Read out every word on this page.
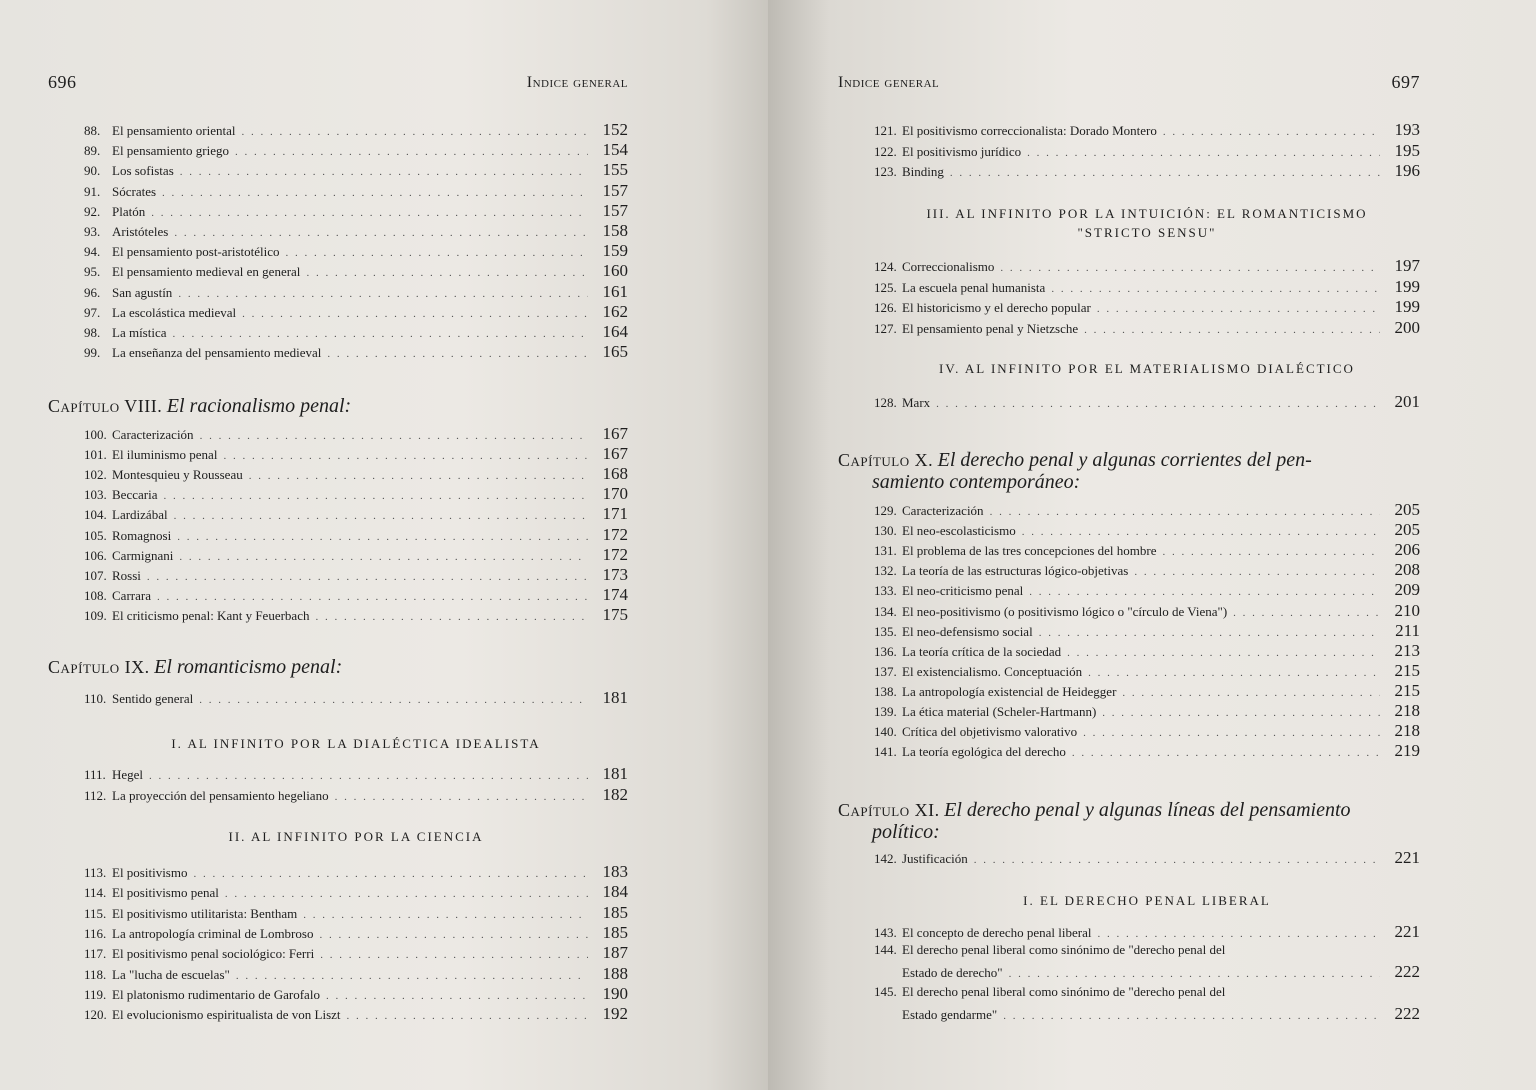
696	Indice general
88. El pensamiento oriental . . .	152
89. El pensamiento griego . . .	154
90. Los sofistas . . .	155
91. Sócrates . . .	157
92. Platón . . .	157
93. Aristóteles . . .	158
94. El pensamiento post-aristotélico . . .	159
95. El pensamiento medieval en general . . .	160
96. San agustín . . .	161
97. La escolástica medieval . . .	162
98. La mística . . .	164
99. La enseñanza del pensamiento medieval . . .	165
Capítulo VIII. El racionalismo penal:
100. Caracterización . . .	167
101. El iluminismo penal . . .	167
102. Montesquieu y Rousseau . . .	168
103. Beccaria . . .	170
104. Lardizábal . . .	171
105. Romagnosi . . .	172
106. Carmignani . . .	172
107. Rossi . . .	173
108. Carrara . . .	174
109. El criticismo penal: Kant y Feuerbach . . .	175
Capítulo IX. El romanticismo penal:
110. Sentido general . . .	181
I. AL INFINITO POR LA DIALÉCTICA IDEALISTA
111. Hegel . . .	181
112. La proyección del pensamiento hegeliano . . .	182
II. AL INFINITO POR LA CIENCIA
113. El positivismo . . .	183
114. El positivismo penal . . .	184
115. El positivismo utilitarista: Bentham . . .	185
116. La antropología criminal de Lombroso . . .	185
117. El positivismo penal sociológico: Ferri . . .	187
118. La "lucha de escuelas" . . .	188
119. El platonismo rudimentario de Garofalo . . .	190
120. El evolucionismo espiritualista de von Liszt . . .	192
Indice general	697
121. El positivismo correccionalista: Dorado Montero . . .	193
122. El positivismo jurídico . . .	195
123. Binding . . .	196
III. AL INFINITO POR LA INTUICIÓN: EL ROMANTICISMO
"STRICTO SENSU"
124. Correccionalismo . . .	197
125. La escuela penal humanista . . .	199
126. El historicismo y el derecho popular . . .	199
127. El pensamiento penal y Nietzsche . . .	200
IV. AL INFINITO POR EL MATERIALISMO DIALÉCTICO
128. Marx . . .	201
Capítulo X. El derecho penal y algunas corrientes del pen-
samiento contemporáneo:
129. Caracterización . . .	205
130. El neo-escolasticismo . . .	205
131. El problema de las tres concepciones del hombre . . .	206
132. La teoría de las estructuras lógico-objetivas . . .	208
133. El neo-criticismo penal . . .	209
134. El neo-positivismo (o positivismo lógico o "círculo de Viena") . . .	210
135. El neo-defensismo social . . .	211
136. La teoría crítica de la sociedad . . .	213
137. El existencialismo. Conceptuación . . .	215
138. La antropología existencial de Heidegger . . .	215
139. La ética material (Scheler-Hartmann) . . .	218
140. Crítica del objetivismo valorativo . . .	218
141. La teoría egológica del derecho . . .	219
Capítulo XI. El derecho penal y algunas líneas del pensamiento
político:
142. Justificación . . .	221
I. EL DERECHO PENAL LIBERAL
143. El concepto de derecho penal liberal . . .	221
144. El derecho penal liberal como sinónimo de "derecho penal del
Estado de derecho" . . .	222
145. El derecho penal liberal como sinónimo de "derecho penal del
Estado gendarme" . . .	222
